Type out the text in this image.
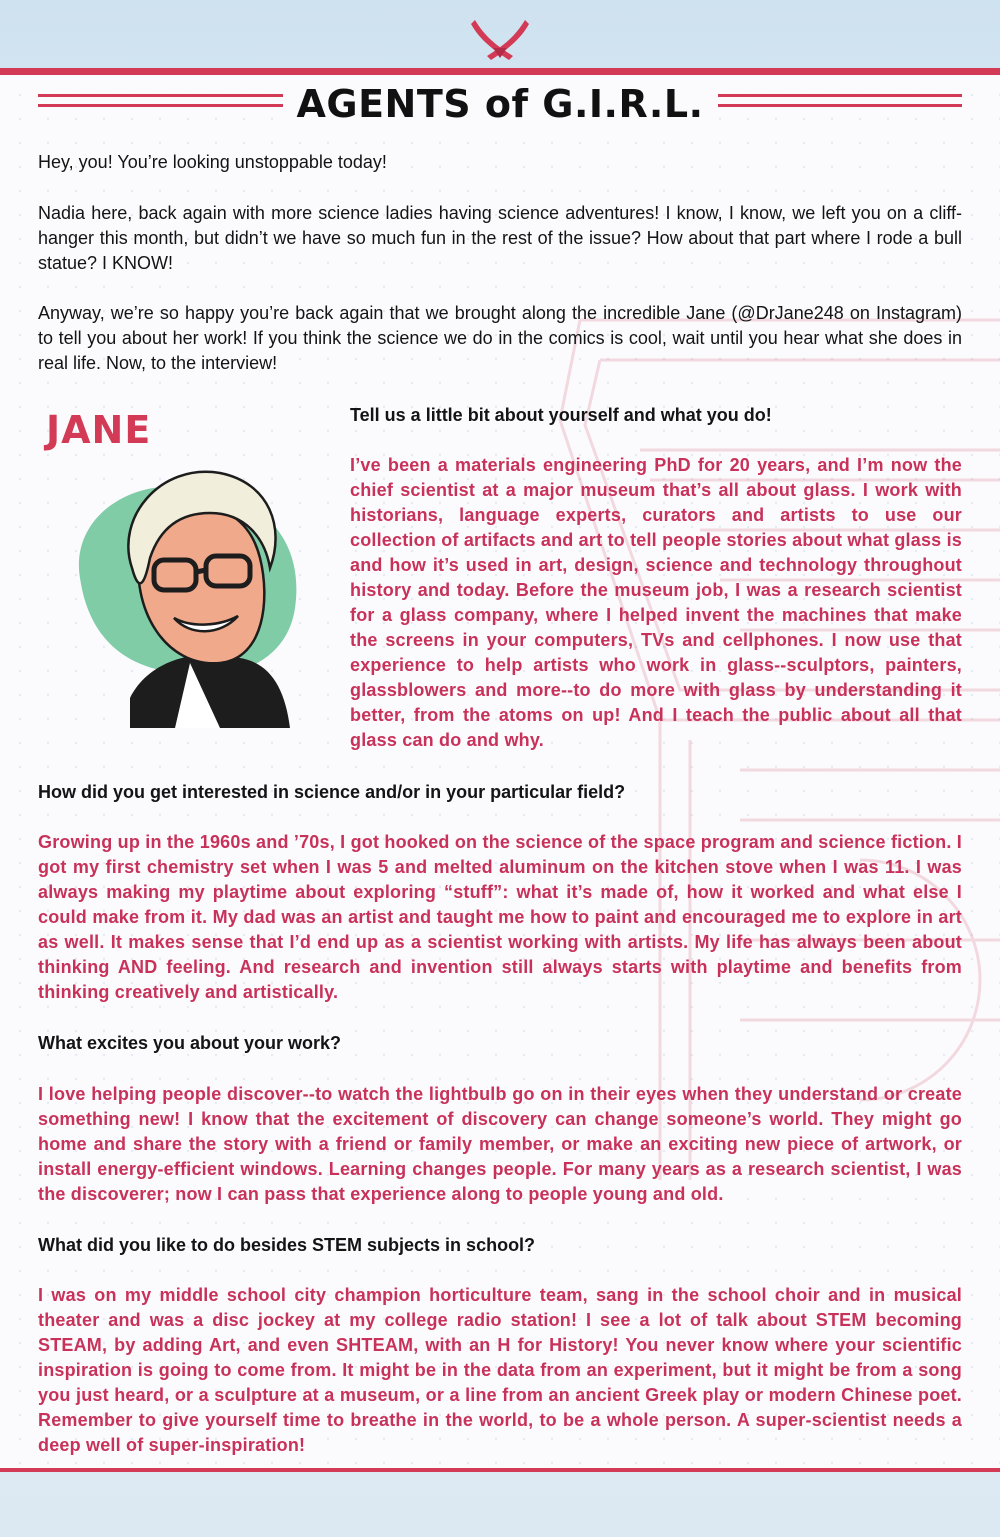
AGENTS of G.I.R.L.

Hey, you! You’re looking unstoppable today!

Nadia here, back again with more science ladies having science adventures! I know, I know, we left you on a cliff-hanger this month, but didn’t we have so much fun in the rest of the issue? How about that part where I rode a bull statue? I KNOW!

Anyway, we’re so happy you’re back again that we brought along the incredible Jane (@DrJane248 on Instagram) to tell you about her work! If you think the science we do in the comics is cool, wait until you hear what she does in real life. Now, to the interview!

JANE	Tell us a little bit about yourself and what you do!

I’ve been a materials engineering PhD for 20 years, and I’m now the chief scientist at a major museum that’s all about glass. I work with historians, language experts, curators and artists to use our collection of artifacts and art to tell people stories about what glass is and how it’s used in art, design, science and technology throughout history and today. Before the museum job, I was a research scientist for a glass company, where I helped invent the machines that make the screens in your computers, TVs and cellphones. I now use that experience to help artists who work in glass--sculptors, painters, glassblowers and more--to do more with glass by understanding it better, from the atoms on up! And I teach the public about all that glass can do and why.

How did you get interested in science and/or in your particular field?

Growing up in the 1960s and ’70s, I got hooked on the science of the space program and science fiction. I got my first chemistry set when I was 5 and melted aluminum on the kitchen stove when I was 11. I was always making my playtime about exploring “stuff”: what it’s made of, how it worked and what else I could make from it. My dad was an artist and taught me how to paint and encouraged me to explore in art as well. It makes sense that I’d end up as a scientist working with artists. My life has always been about thinking AND feeling. And research and invention still always starts with playtime and benefits from thinking creatively and artistically.

What excites you about your work?

I love helping people discover--to watch the lightbulb go on in their eyes when they understand or create something new! I know that the excitement of discovery can change someone’s world. They might go home and share the story with a friend or family member, or make an exciting new piece of artwork, or install energy-efficient windows. Learning changes people. For many years as a research scientist, I was the discoverer; now I can pass that experience along to people young and old.

What did you like to do besides STEM subjects in school?

I was on my middle school city champion horticulture team, sang in the school choir and in musical theater and was a disc jockey at my college radio station! I see a lot of talk about STEM becoming STEAM, by adding Art, and even SHTEAM, with an H for History! You never know where your scientific inspiration is going to come from. It might be in the data from an experiment, but it might be from a song you just heard, or a sculpture at a museum, or a line from an ancient Greek play or modern Chinese poet. Remember to give yourself time to breathe in the world, to be a whole person. A super-scientist needs a deep well of super-inspiration!
